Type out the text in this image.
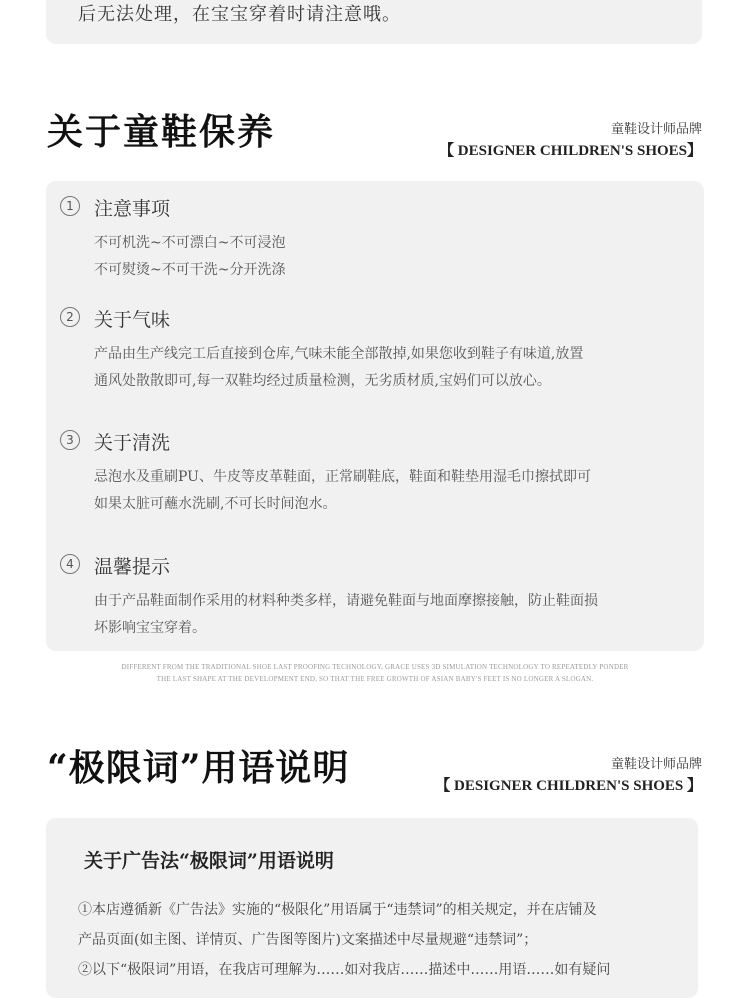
后无法处理，在宝宝穿着时请注意哦。
关于童鞋保养	童鞋设计师品牌
【 DESIGNER CHILDREN'S SHOES】
1	注意事项
不可机洗~不可漂白~不可浸泡
不可熨烫~不可干洗~分开洗涤
2	关于气味
产品由生产线完工后直接到仓库,气味未能全部散掉,如果您收到鞋子有味道,放置
通风处散散即可,每一双鞋均经过质量检测，无劣质材质,宝妈们可以放心。
3	关于清洗
忌泡水及重刷PU、牛皮等皮革鞋面，正常刷鞋底，鞋面和鞋垫用湿毛巾擦拭即可
如果太脏可蘸水洗刷,不可长时间泡水。
4	温馨提示
由于产品鞋面制作采用的材料种类多样，请避免鞋面与地面摩擦接触，防止鞋面损
坏影响宝宝穿着。
DIFFERENT FROM THE TRADITIONAL SHOE LAST PROOFING TECHNOLOGY, GRACE USES 3D SIMULATION TECHNOLOGY TO REPEATEDLY PONDER
THE LAST SHAPE AT THE DEVELOPMENT END, SO THAT THE FREE GROWTH OF ASIAN BABY'S FEET IS NO LONGER A SLOGAN.
“极限词”用语说明	童鞋设计师品牌
【 DESIGNER CHILDREN'S SHOES 】
关于广告法“极限词”用语说明
①本店遵循新《广告法》实施的“极限化”用语属于“违禁词”的相关规定，并在店铺及
产品页面(如主图、详情页、广告图等图片)文案描述中尽量规避“违禁词”；
②以下“极限词”用语，在我店可理解为……如对我店……描述中……用语……如有疑问
